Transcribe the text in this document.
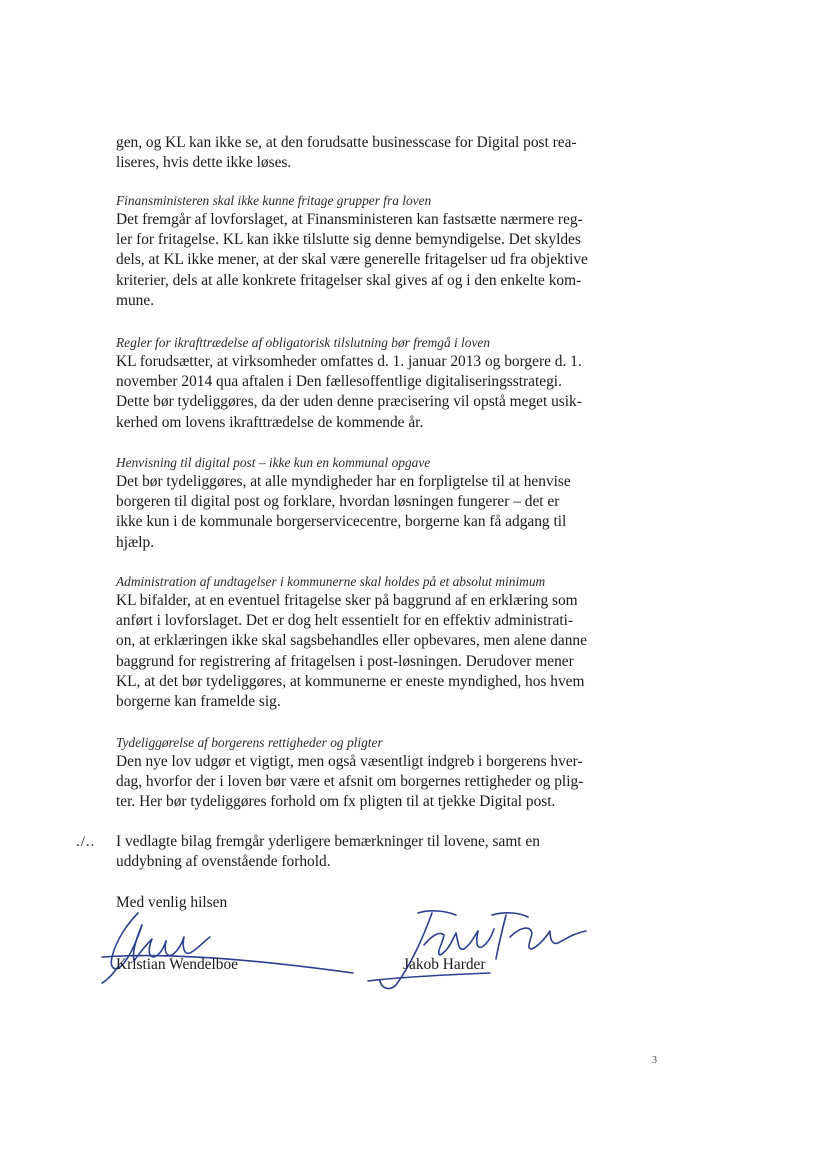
gen, og KL kan ikke se, at den forudsatte businesscase for Digital post rea-

liseres, hvis dette ikke løses.

Finansministeren skal ikke kunne fritage grupper fra loven

Det fremgår af lovforslaget, at Finansministeren kan fastsætte nærmere reg-

ler for fritagelse. KL kan ikke tilslutte sig denne bemyndigelse. Det skyldes

dels, at KL ikke mener, at der skal være generelle fritagelser ud fra objektive

kriterier, dels at alle konkrete fritagelser skal gives af og i den enkelte kom-

mune.

Regler for ikrafttrædelse af obligatorisk tilslutning bør fremgå i loven

KL forudsætter, at virksomheder omfattes d. 1. januar 2013 og borgere d. 1.

november 2014 qua aftalen i Den fællesoffentlige digitaliseringsstrategi.

Dette bør tydeliggøres, da der uden denne præcisering vil opstå meget usik-

kerhed om lovens ikrafttrædelse de kommende år.

Henvisning til digital post – ikke kun en kommunal opgave

Det bør tydeliggøres, at alle myndigheder har en forpligtelse til at henvise

borgeren til digital post og forklare, hvordan løsningen fungerer – det er

ikke kun i de kommunale borgerservicecentre, borgerne kan få adgang til

hjælp.

Administration af undtagelser i kommunerne skal holdes på et absolut minimum

KL bifalder, at en eventuel fritagelse sker på baggrund af en erklæring som

anført i lovforslaget. Det er dog helt essentielt for en effektiv administrati-

on, at erklæringen ikke skal sagsbehandles eller opbevares, men alene danne

baggrund for registrering af fritagelsen i post-løsningen. Derudover mener

KL, at det bør tydeliggøres, at kommunerne er eneste myndighed, hos hvem

borgerne kan framelde sig.

Tydeliggørelse af borgerens rettigheder og pligter

Den nye lov udgør et vigtigt, men også væsentligt indgreb i borgerens hver-

dag, hvorfor der i loven bør være et afsnit om borgernes rettigheder og plig-

ter. Her bør tydeliggøres forhold om fx pligten til at tjekke Digital post.

./.. I vedlagte bilag fremgår yderligere bemærkninger til lovene, samt en

uddybning af ovenstående forhold.

Med venlig hilsen
Kristian Wendelboe	Jakob Harder
3
